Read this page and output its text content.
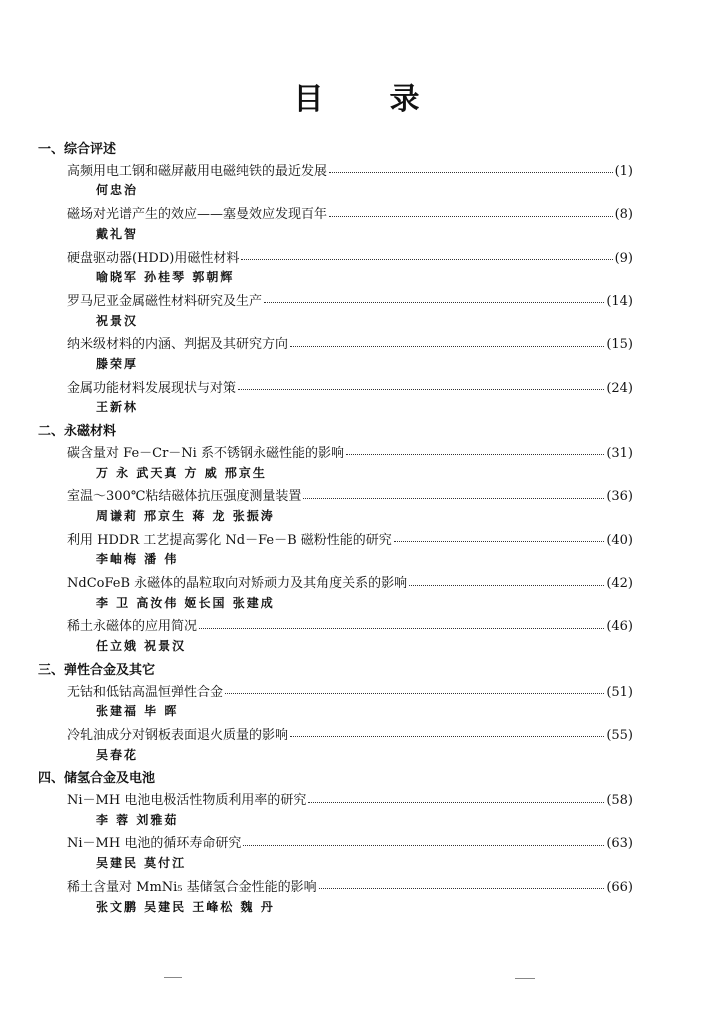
目 录
一、综合评述
高频用电工钢和磁屏蔽用电磁纯铁的最近发展	(1)
何忠治
磁场对光谱产生的效应——塞曼效应发现百年	(8)
戴礼智
硬盘驱动器(HDD)用磁性材料	(9)
喻晓军 孙桂琴 郭朝辉
罗马尼亚金属磁性材料研究及生产	(14)
祝景汉
纳米级材料的内涵、判据及其研究方向	(15)
滕荣厚
金属功能材料发展现状与对策	(24)
王新林
二、永磁材料
碳含量对 Fe－Cr－Ni 系不锈钢永磁性能的影响	(31)
万 永 武天真 方 威 邢京生
室温～300℃粘结磁体抗压强度测量装置	(36)
周谦莉 邢京生 蒋 龙 张振涛
利用 HDDR 工艺提高雾化 Nd－Fe－B 磁粉性能的研究	(40)
李岫梅 潘 伟
NdCoFeB 永磁体的晶粒取向对矫顽力及其角度关系的影响	(42)
李 卫 高汝伟 姬长国 张建成
稀土永磁体的应用简况	(46)
任立娥 祝景汉
三、弹性合金及其它
无钴和低钴高温恒弹性合金	(51)
张建福 毕 晖
冷轧油成分对钢板表面退火质量的影响	(55)
吴春花
四、储氢合金及电池
Ni－MH 电池电极活性物质利用率的研究	(58)
李 蓉 刘雅茹
Ni－MH 电池的循环寿命研究	(63)
吴建民 莫付江
稀土含量对 MmNi₅ 基储氢合金性能的影响	(66)
张文鹏 吴建民 王峰松 魏 丹
